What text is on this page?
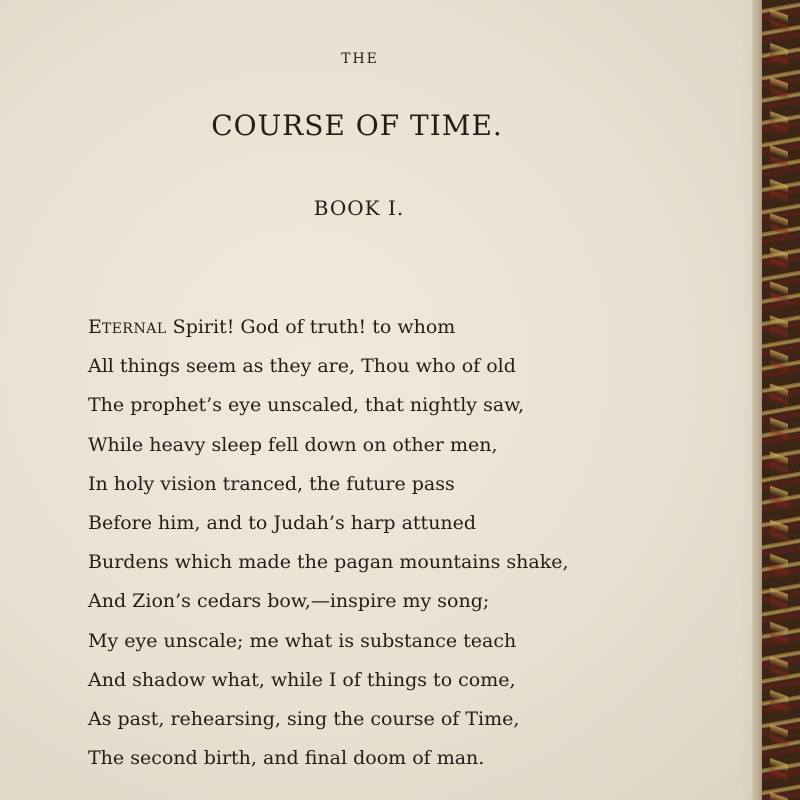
THE
COURSE OF TIME.
BOOK I.
ETERNAL Spirit! God of truth! to whom
All things seem as they are, Thou who of old
The prophet’s eye unscaled, that nightly saw,
While heavy sleep fell down on other men,
In holy vision tranced, the future pass
Before him, and to Judah’s harp attuned
Burdens which made the pagan mountains shake,
And Zion’s cedars bow,—inspire my song;
My eye unscale; me what is substance teach
And shadow what, while I of things to come,
As past, rehearsing, sing the course of Time,
The second birth, and final doom of man.
